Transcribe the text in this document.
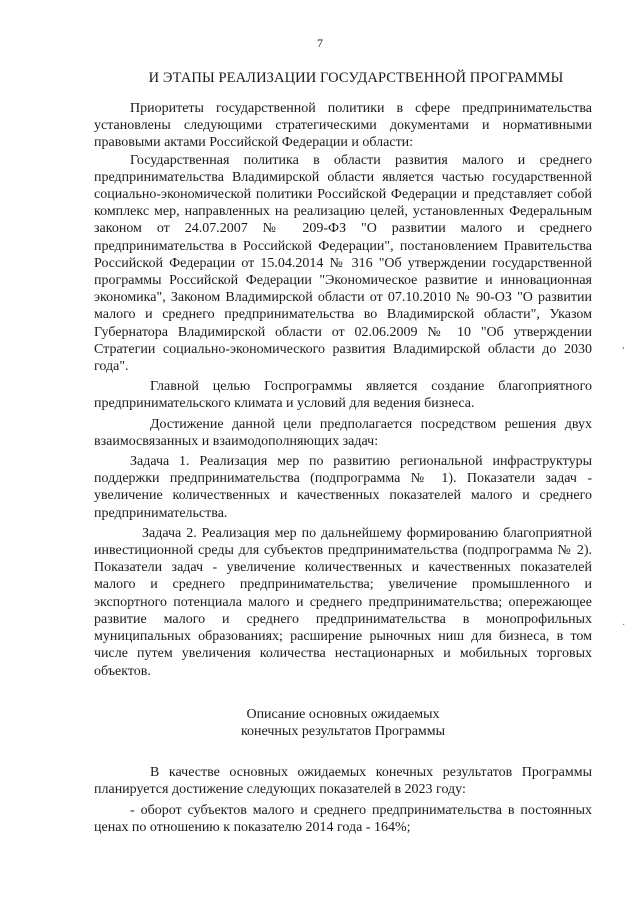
7
И ЭТАПЫ РЕАЛИЗАЦИИ ГОСУДАРСТВЕННОЙ ПРОГРАММЫ

Приоритеты государственной политики в сфере предпринимательства установлены следующими стратегическими документами и нормативными правовыми актами Российской Федерации и области:

Государственная политика в области развития малого и среднего предпринимательства Владимирской области является частью государственной социально-экономической политики Российской Федерации и представляет собой комплекс мер, направленных на реализацию целей, установленных Федеральным законом от 24.07.2007 № 209-ФЗ "О развитии малого и среднего предпринимательства в Российской Федерации", постановлением Правительства Российской Федерации от 15.04.2014 № 316 "Об утверждении государственной программы Российской Федерации "Экономическое развитие и инновационная экономика", Законом Владимирской области от 07.10.2010 № 90-ОЗ "О развитии малого и среднего предпринимательства во Владимирской области", Указом Губернатора Владимирской области от 02.06.2009 № 10 "Об утверждении Стратегии социально-экономического развития Владимирской области до 2030 года".

Главной целью Госпрограммы является создание благоприятного предпринимательского климата и условий для ведения бизнеса.

Достижение данной цели предполагается посредством решения двух взаимосвязанных и взаимодополняющих задач:

Задача 1. Реализация мер по развитию региональной инфраструктуры поддержки предпринимательства (подпрограмма № 1). Показатели задач - увеличение количественных и качественных показателей малого и среднего предпринимательства.

Задача 2. Реализация мер по дальнейшему формированию благоприятной инвестиционной среды для субъектов предпринимательства (подпрограмма № 2). Показатели задач - увеличение количественных и качественных показателей малого и среднего предпринимательства; увеличение промышленного и экспортного потенциала малого и среднего предпринимательства; опережающее развитие малого и среднего предпринимательства в монопрофильных муниципальных образованиях; расширение рыночных ниш для бизнеса, в том числе путем увеличения количества нестационарных и мобильных торговых объектов.

Описание основных ожидаемых
конечных результатов Программы

В качестве основных ожидаемых конечных результатов Программы планируется достижение следующих показателей в 2023 году:

- оборот субъектов малого и среднего предпринимательства в постоянных ценах по отношению к показателю 2014 года - 164%;

,
·
